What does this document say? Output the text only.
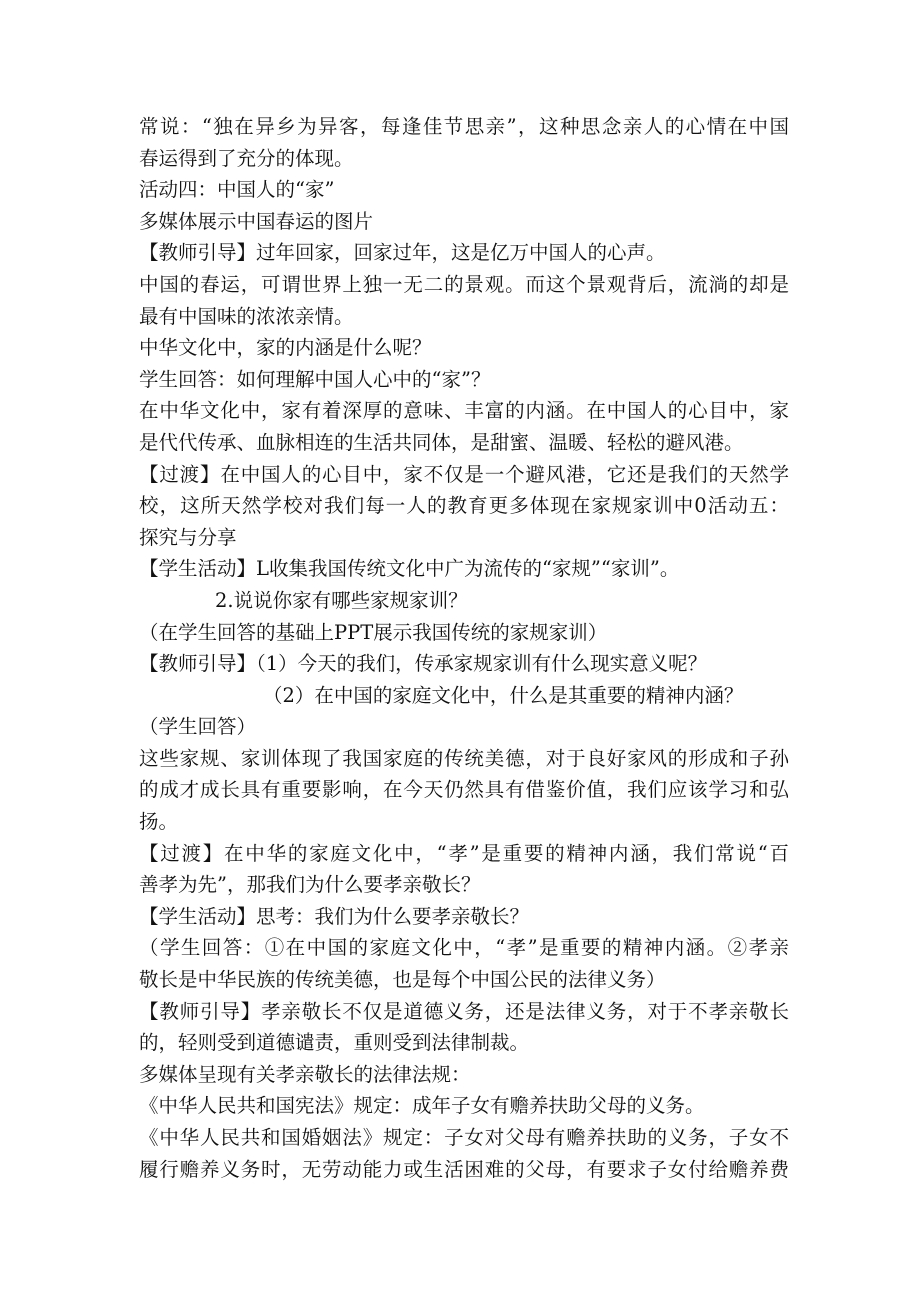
常说：“独在异乡为异客，每逢佳节思亲”，这种思念亲人的心情在中国
春运得到了充分的体现。
活动四：中国人的“家”
多媒体展示中国春运的图片
【教师引导】过年回家，回家过年，这是亿万中国人的心声。
中国的春运，可谓世界上独一无二的景观。而这个景观背后，流淌的却是
最有中国味的浓浓亲情。
中华文化中，家的内涵是什么呢？
学生回答：如何理解中国人心中的“家”？
在中华文化中，家有着深厚的意味、丰富的内涵。在中国人的心目中，家
是代代传承、血脉相连的生活共同体，是甜蜜、温暖、轻松的避风港。
【过渡】在中国人的心目中，家不仅是一个避风港，它还是我们的天然学
校，这所天然学校对我们每一人的教育更多体现在家规家训中0活动五：
探究与分享
【学生活动】L收集我国传统文化中广为流传的“家规”“家训”。
2.说说你家有哪些家规家训？
（在学生回答的基础上PPT展示我国传统的家规家训）
【教师引导】（1）今天的我们，传承家规家训有什么现实意义呢？
（2）在中国的家庭文化中，什么是其重要的精神内涵？
（学生回答）
这些家规、家训体现了我国家庭的传统美德，对于良好家风的形成和子孙
的成才成长具有重要影响，在今天仍然具有借鉴价值，我们应该学习和弘
扬。
【过渡】在中华的家庭文化中，“孝”是重要的精神内涵，我们常说“百
善孝为先”，那我们为什么要孝亲敬长？
【学生活动】思考：我们为什么要孝亲敬长？
（学生回答：①在中国的家庭文化中，“孝”是重要的精神内涵。②孝亲
敬长是中华民族的传统美德，也是每个中国公民的法律义务）
【教师引导】孝亲敬长不仅是道德义务，还是法律义务，对于不孝亲敬长
的，轻则受到道德谴责，重则受到法律制裁。
多媒体呈现有关孝亲敬长的法律法规：
《中华人民共和国宪法》规定：成年子女有赡养扶助父母的义务。
《中华人民共和国婚姻法》规定：子女对父母有赡养扶助的义务，子女不
履行赡养义务时，无劳动能力或生活困难的父母，有要求子女付给赡养费
